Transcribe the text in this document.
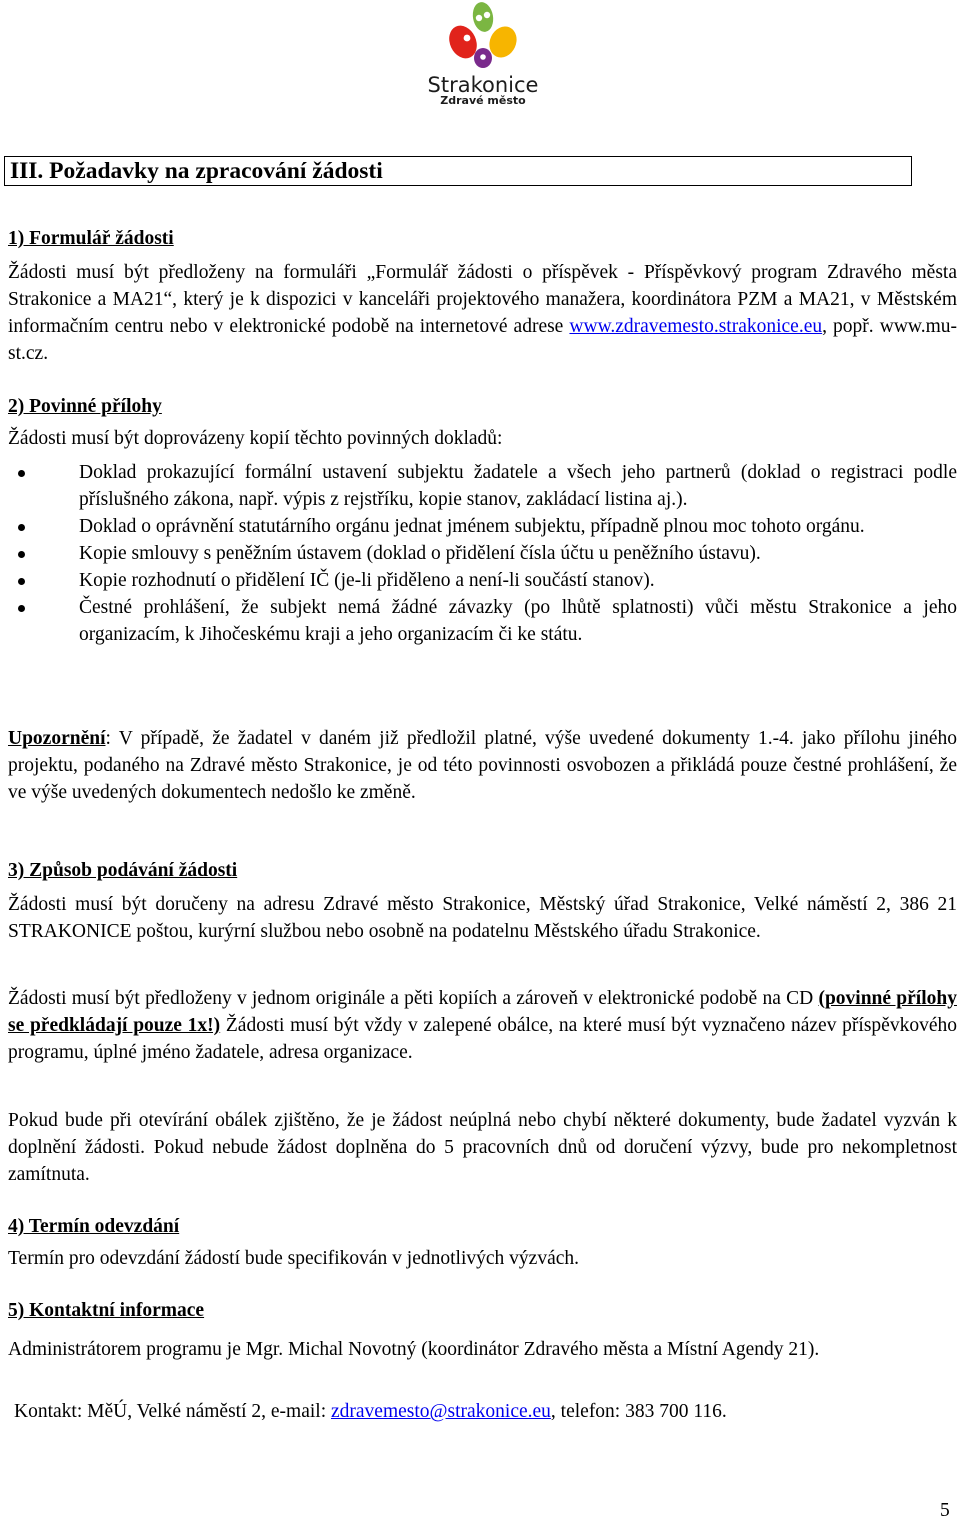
Strakonice
Zdravé město
III. Požadavky na zpracování žádosti
1) Formulář žádosti
Žádosti musí být předloženy na formuláři „Formulář žádosti o příspěvek - Příspěvkový program Zdravého města Strakonice a MA21“, který je k dispozici v kanceláři projektového manažera, koordinátora PZM a MA21, v Městském informačním centru nebo v elektronické podobě na internetové adrese www.zdravemesto.strakonice.eu, popř. www.mu-st.cz.
2) Povinné přílohy
Žádosti musí být doprovázeny kopií těchto povinných dokladů:
Doklad prokazující formální ustavení subjektu žadatele a všech jeho partnerů (doklad o registraci podle příslušného zákona, např. výpis z rejstříku, kopie stanov, zakládací listina aj.).
Doklad o oprávnění statutárního orgánu jednat jménem subjektu, případně plnou moc tohoto orgánu.
Kopie smlouvy s peněžním ústavem (doklad o přidělení čísla účtu u peněžního ústavu).
Kopie rozhodnutí o přidělení IČ (je-li přiděleno a není-li součástí stanov).
Čestné prohlášení, že subjekt nemá žádné závazky (po lhůtě splatnosti) vůči městu Strakonice a jeho organizacím, k Jihočeskému kraji a jeho organizacím či ke státu.
Upozornění: V případě, že žadatel v daném již předložil platné, výše uvedené dokumenty 1.-4. jako přílohu jiného projektu, podaného na Zdravé město Strakonice, je od této povinnosti osvobozen a přikládá pouze čestné prohlášení, že ve výše uvedených dokumentech nedošlo ke změně.
3) Způsob podávání žádosti
Žádosti musí být doručeny na adresu Zdravé město Strakonice, Městský úřad Strakonice, Velké náměstí 2, 386 21 STRAKONICE poštou, kurýrní službou nebo osobně na podatelnu Městského úřadu Strakonice.
Žádosti musí být předloženy v jednom originále a pěti kopiích a zároveň v elektronické podobě na CD (povinné přílohy se předkládají pouze 1x!) Žádosti musí být vždy v zalepené obálce, na které musí být vyznačeno název příspěvkového programu, úplné jméno žadatele, adresa organizace.
Pokud bude při otevírání obálek zjištěno, že je žádost neúplná nebo chybí některé dokumenty, bude žadatel vyzván k doplnění žádosti. Pokud nebude žádost doplněna do 5 pracovních dnů od doručení výzvy, bude pro nekompletnost zamítnuta.
4) Termín odevzdání
Termín pro odevzdání žádostí bude specifikován v jednotlivých výzvách.
5) Kontaktní informace
Administrátorem programu je Mgr. Michal Novotný (koordinátor Zdravého města a Místní Agendy 21).
Kontakt: MěÚ, Velké náměstí 2, e-mail: zdravemesto@strakonice.eu, telefon: 383 700 116.
5
